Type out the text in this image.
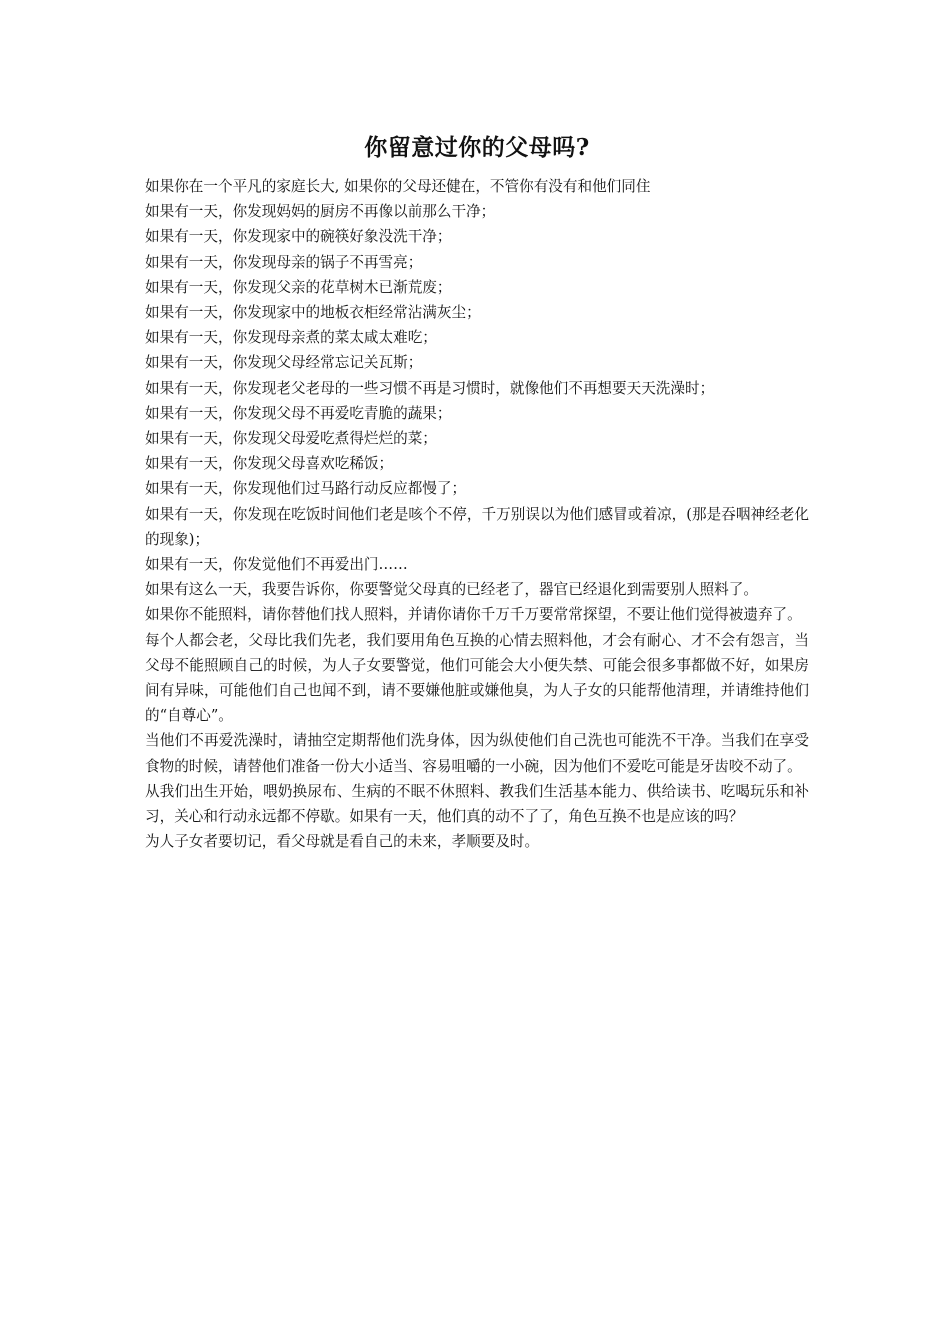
你留意过你的父母吗?

如果你在一个平凡的家庭长大, 如果你的父母还健在，不管你有没有和他们同住

如果有一天，你发现妈妈的厨房不再像以前那么干净；

如果有一天，你发现家中的碗筷好象没洗干净；

如果有一天，你发现母亲的锅子不再雪亮；

如果有一天，你发现父亲的花草树木已渐荒废；

如果有一天，你发现家中的地板衣柜经常沾满灰尘；

如果有一天，你发现母亲煮的菜太咸太难吃；

如果有一天，你发现父母经常忘记关瓦斯；

如果有一天，你发现老父老母的一些习惯不再是习惯时，就像他们不再想要天天洗澡时；

如果有一天，你发现父母不再爱吃青脆的蔬果；

如果有一天，你发现父母爱吃煮得烂烂的菜；

如果有一天，你发现父母喜欢吃稀饭；

如果有一天，你发现他们过马路行动反应都慢了；

如果有一天，你发现在吃饭时间他们老是咳个不停，千万别误以为他们感冒或着凉，(那是吞咽神经老化的现象)；

如果有一天，你发觉他们不再爱出门……

如果有这么一天，我要告诉你，你要警觉父母真的已经老了，器官已经退化到需要别人照料了。

如果你不能照料，请你替他们找人照料，并请你请你千万千万要常常探望，不要让他们觉得被遗弃了。

每个人都会老，父母比我们先老，我们要用角色互换的心情去照料他，才会有耐心、才不会有怨言，当父母不能照顾自己的时候，为人子女要警觉，他们可能会大小便失禁、可能会很多事都做不好，如果房间有异味，可能他们自己也闻不到，请不要嫌他脏或嫌他臭，为人子女的只能帮他清理，并请维持他们的“自尊心”。

当他们不再爱洗澡时，请抽空定期帮他们洗身体，因为纵使他们自己洗也可能洗不干净。当我们在享受食物的时候，请替他们准备一份大小适当、容易咀嚼的一小碗，因为他们不爱吃可能是牙齿咬不动了。

从我们出生开始，喂奶换尿布、生病的不眠不休照料、教我们生活基本能力、供给读书、吃喝玩乐和补习，关心和行动永远都不停歇。如果有一天，他们真的动不了了，角色互换不也是应该的吗？

为人子女者要切记，看父母就是看自己的未来，孝顺要及时。
